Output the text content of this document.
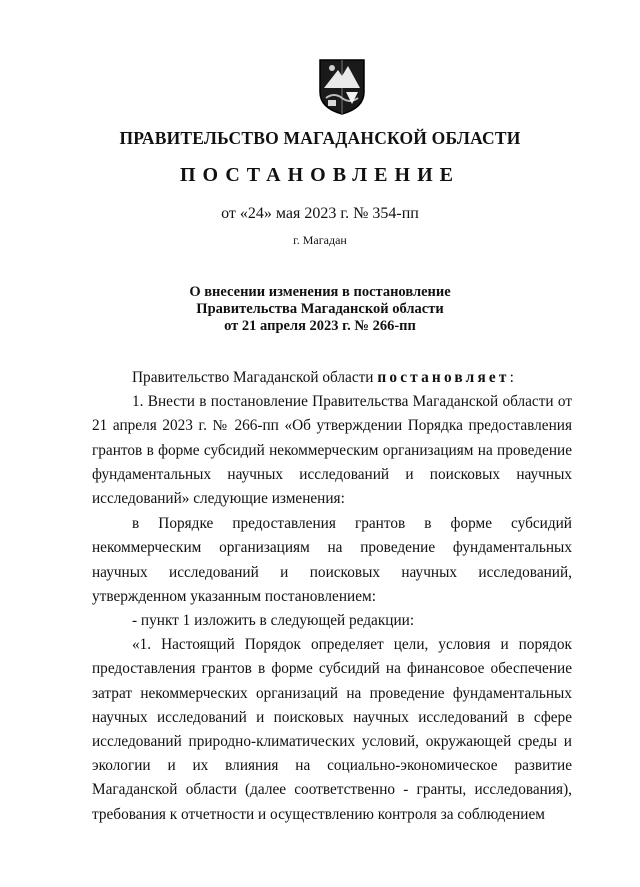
ПРАВИТЕЛЬСТВО МАГАДАНСКОЙ ОБЛАСТИ
ПОСТАНОВЛЕНИЕ
от «24» мая 2023 г. № 354-пп
г. Магадан
О внесении изменения в постановление
Правительства Магаданской области
от 21 апреля 2023 г. № 266-пп

Правительство Магаданской области постановляет:

1. Внести в постановление Правительства Магаданской области от 21 апреля 2023 г. № 266-пп «Об утверждении Порядка предоставления грантов в форме субсидий некоммерческим организациям на проведение фундаментальных научных исследований и поисковых научных исследований» следующие изменения:

в Порядке предоставления грантов в форме субсидий некоммерческим организациям на проведение фундаментальных научных исследований и поисковых научных исследований, утвержденном указанным постановлением:

- пункт 1 изложить в следующей редакции:

«1. Настоящий Порядок определяет цели, условия и порядок предоставления грантов в форме субсидий на финансовое обеспечение затрат некоммерческих организаций на проведение фундаментальных научных исследований и поисковых научных исследований в сфере исследований природно-климатических условий, окружающей среды и экологии и их влияния на социально-экономическое развитие Магаданской области (далее соответственно - гранты, исследования), требования к отчетности и осуществлению контроля за соблюдением
